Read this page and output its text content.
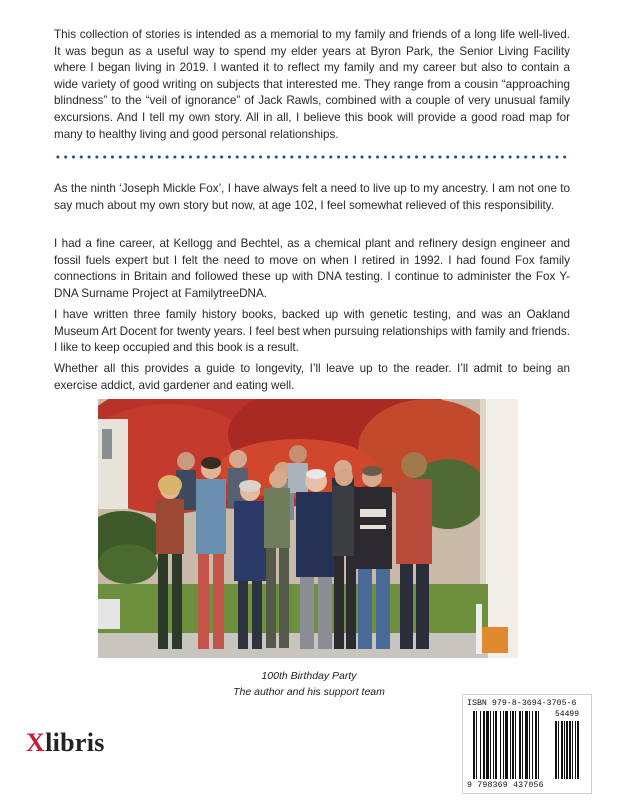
This collection of stories is intended as a memorial to my family and friends of a long life well-lived. It was begun as a useful way to spend my elder years at Byron Park, the Senior Living Facility where I began living in 2019. I wanted it to reflect my family and my career but also to contain a wide variety of good writing on subjects that interested me. They range from a cousin “approaching blindness” to the “veil of ignorance” of Jack Rawls, combined with a couple of very unusual family excursions. And I tell my own story. All in all, I believe this book will provide a good road map for many to healthy living and good personal relationships.

As the ninth ‘Joseph Mickle Fox’, I have always felt a need to live up to my ancestry. I am not one to say much about my own story but now, at age 102, I feel somewhat relieved of this responsibility.

I had a fine career, at Kellogg and Bechtel, as a chemical plant and refinery design engineer and fossil fuels expert but I felt the need to move on when I retired in 1992. I had found Fox family connections in Britain and followed these up with DNA testing. I continue to administer the Fox Y-DNA Surname Project at FamilytreeDNA.

I have written three family history books, backed up with genetic testing, and was an Oakland Museum Art Docent for twenty years. I feel best when pursuing relationships with family and friends. I like to keep occupied and this book is a result.

Whether all this provides a guide to longevity, I’ll leave up to the reader. I’ll admit to being an exercise addict, avid gardener and eating well.

100th Birthday Party
The author and his support team
Xlibris
ISBN 979-8-3694-3705-6
54499
9 798369 437056
